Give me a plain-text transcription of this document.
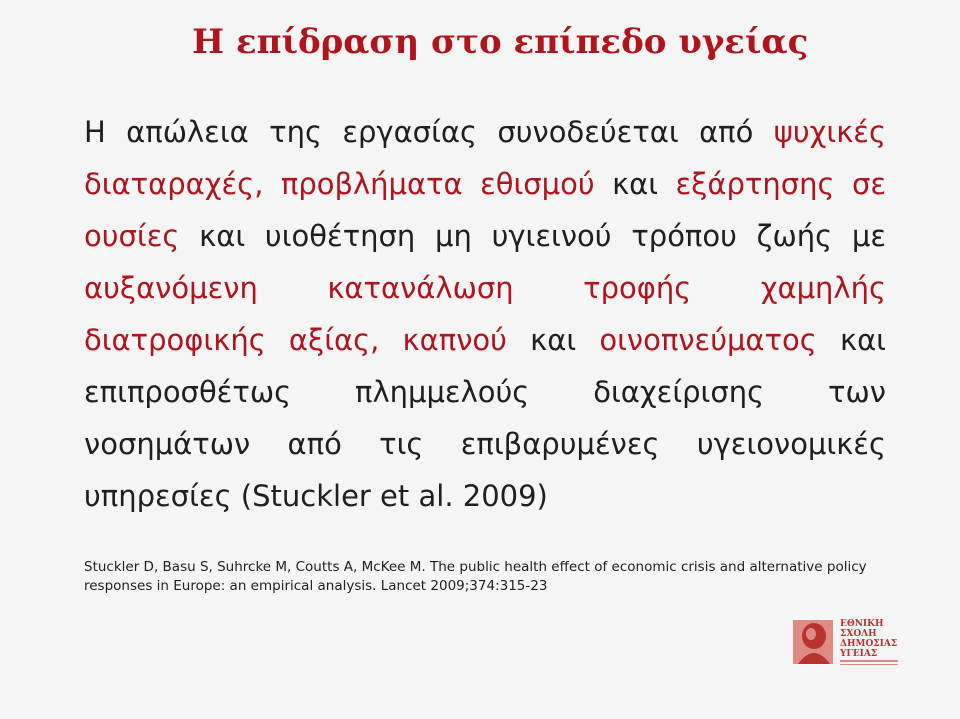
Η επίδραση στο επίπεδο υγείας

Η απώλεια της εργασίας συνοδεύεται από ψυχικές διαταραχές, προβλήματα εθισμού και εξάρτησης σε ουσίες και υιοθέτηση μη υγιεινού τρόπου ζωής με αυξανόμενη κατανάλωση τροφής χαμηλής διατροφικής αξίας, καπνού και οινοπνεύματος και επιπροσθέτως πλημμελούς διαχείρισης των νοσημάτων από τις επιβαρυμένες υγειονομικές υπηρεσίες (Stuckler et al. 2009)

Stuckler D, Basu S, Suhrcke M, Coutts A, McKee M. The public health effect of economic crisis and alternative policy
responses in Europe: an empirical analysis. Lancet 2009;374:315-23

ΕΘΝΙΚΗ
ΣΧΟΛΗ
ΔΗΜΟΣΙΑΣ
ΥΓΕΙΑΣ
